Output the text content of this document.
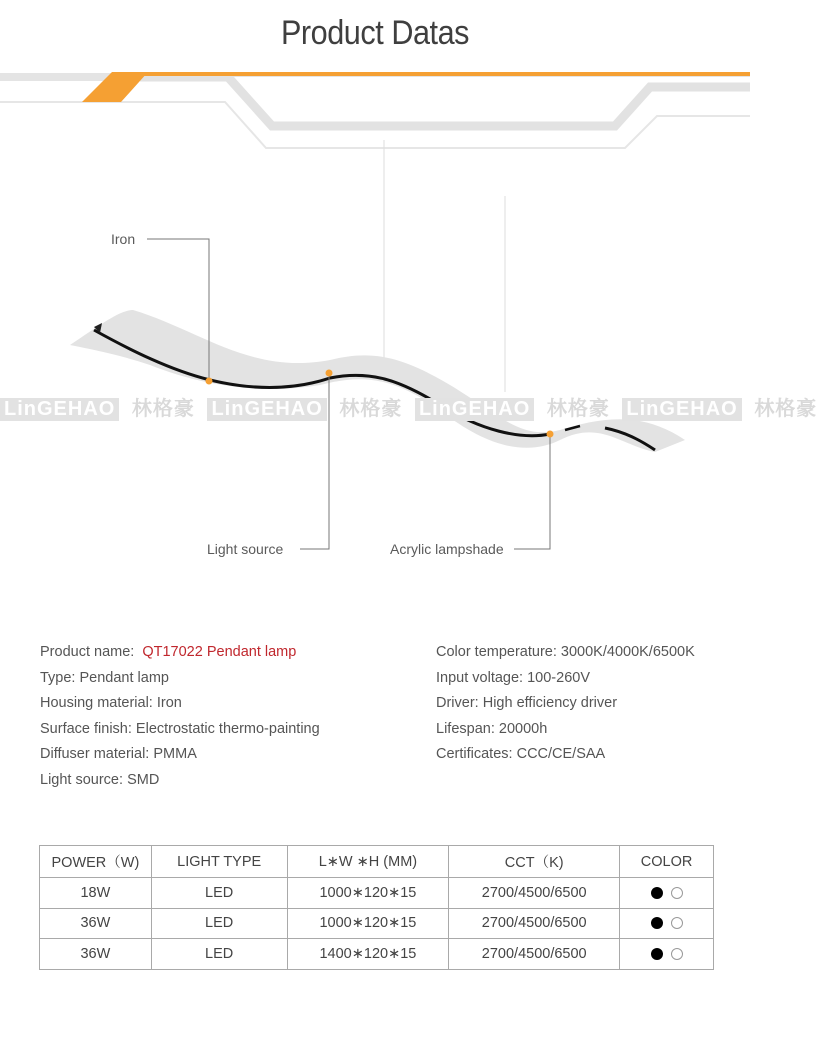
Product Datas
LinGEHAO 林格豪 LinGEHAO 林格豪 LinGEHAO 林格豪 LinGEHAO 林格豪
Iron
Light source	Acrylic lampshade
Product name: QT17022 Pendant lamp
Type: Pendant lamp
Housing material: Iron
Surface finish: Electrostatic thermo-painting
Diffuser material: PMMA
Light source: SMD
Color temperature: 3000K/4000K/6500K
Input voltage: 100-260V
Driver: High efficiency driver
Lifespan: 20000h
Certificates: CCC/CE/SAA
POWER（W)	LIGHT TYPE	L∗W ∗H (MM)	CCT（K)	COLOR
18W	LED	1000∗120∗15	2700/4500/6500	
36W	LED	1000∗120∗15	2700/4500/6500	
36W	LED	1400∗120∗15	2700/4500/6500	
